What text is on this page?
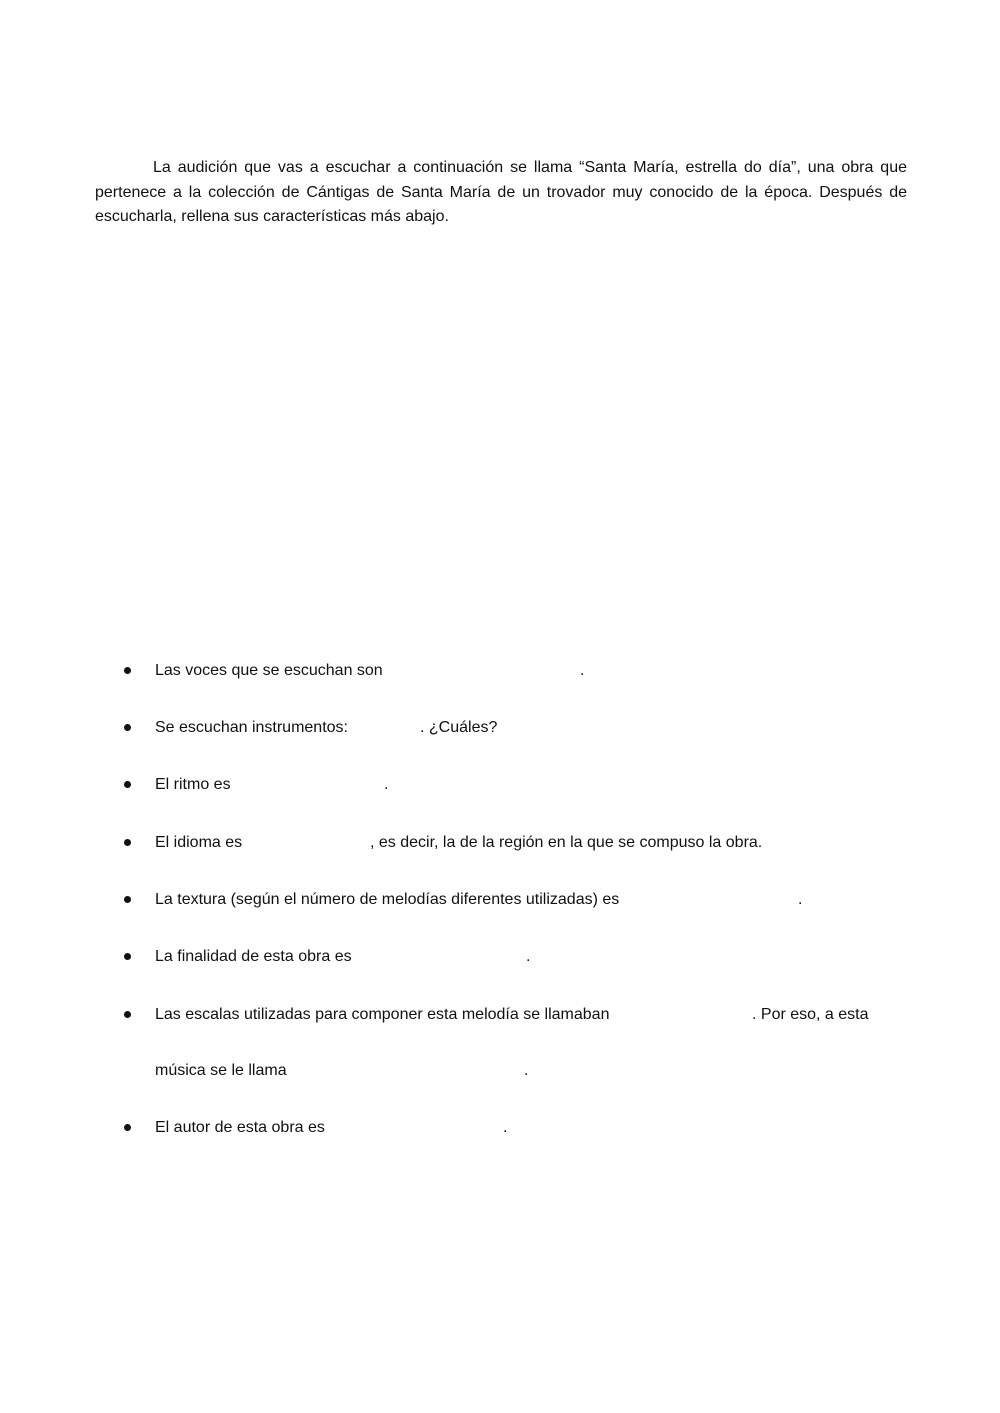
La audición que vas a escuchar a continuación se llama “Santa María, estrella do día”, una obra que pertenece a la colección de Cántigas de Santa María de un trovador muy conocido de la época. Después de escucharla, rellena sus características más abajo.

Las voces que se escuchan son	.
Se escuchan instrumentos:	. ¿Cuáles?
El ritmo es	.
El idioma es	, es decir, la de la región en la que se compuso la obra.
La textura (según el número de melodías diferentes utilizadas) es	.
La finalidad de esta obra es	.
Las escalas utilizadas para componer esta melodía se llamaban	. Por eso, a esta
música se le llama	.
El autor de esta obra es	.
